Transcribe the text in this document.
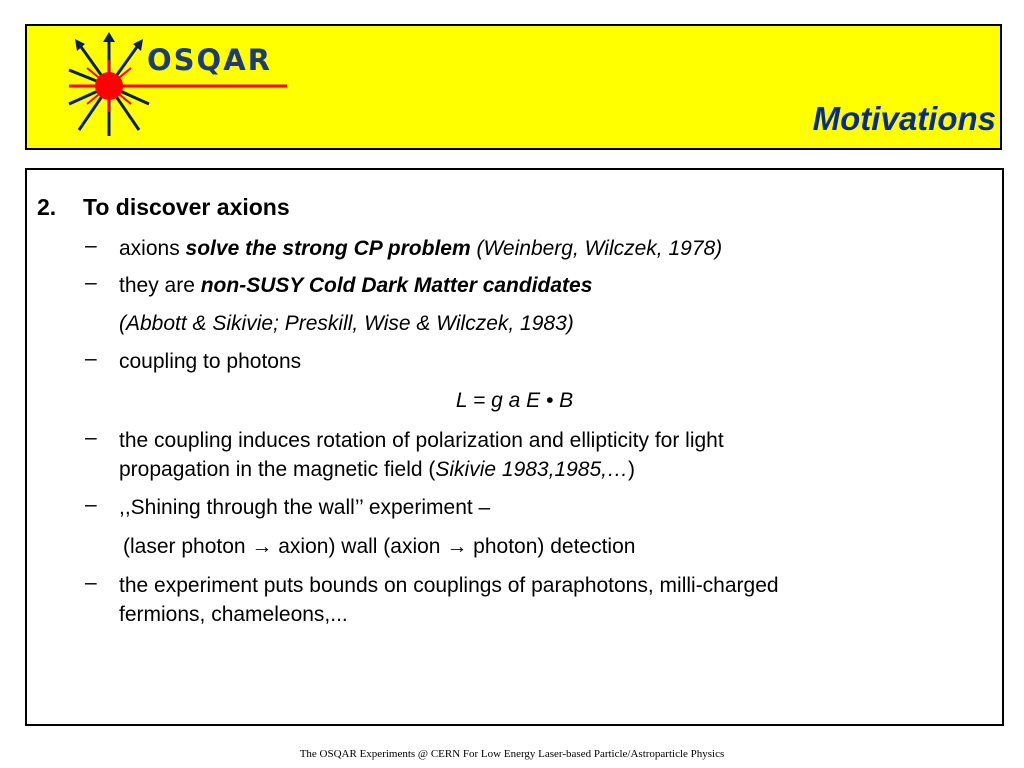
OSQAR
Motivations
2. To discover axions
– axions solve the strong CP problem (Weinberg, Wilczek, 1978)
– they are non-SUSY Cold Dark Matter candidates
(Abbott & Sikivie; Preskill, Wise & Wilczek, 1983)
– coupling to photons
L = g a E • B
– the coupling induces rotation of polarization and ellipticity for light
propagation in the magnetic field (Sikivie 1983,1985,…)
– ,,Shining through the wall’’ experiment –
(laser photon → axion) wall (axion → photon) detection
– the experiment puts bounds on couplings of paraphotons, milli-charged
fermions, chameleons,...
The OSQAR Experiments @ CERN For Low Energy Laser-based Particle/Astroparticle Physics
